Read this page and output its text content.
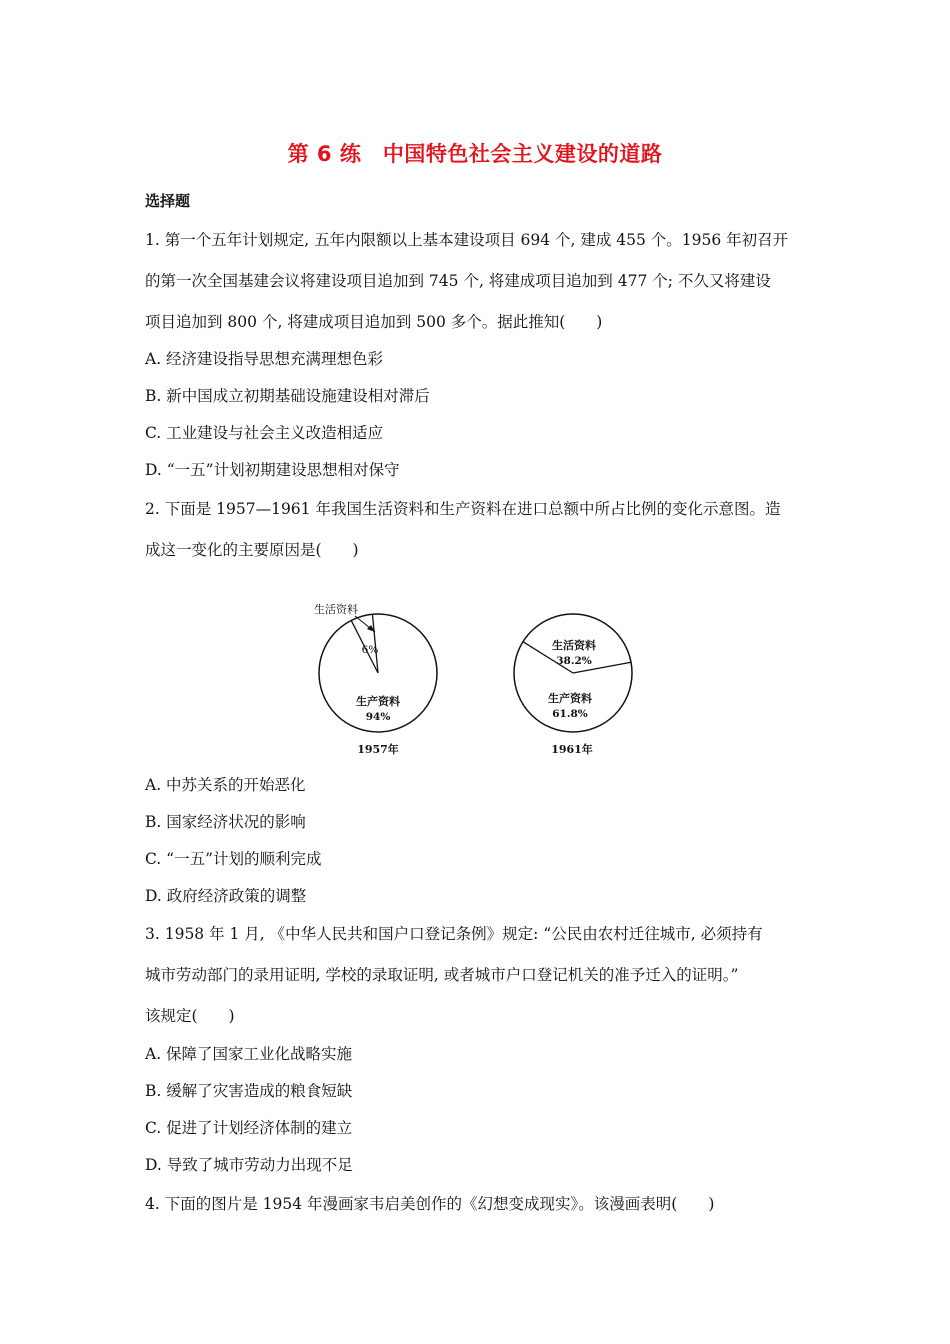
第 6 练　中国特色社会主义建设的道路
选择题
1. 第一个五年计划规定, 五年内限额以上基本建设项目 694 个, 建成 455 个。1956 年初召开
的第一次全国基建会议将建设项目追加到 745 个, 将建成项目追加到 477 个; 不久又将建设
项目追加到 800 个, 将建成项目追加到 500 多个。据此推知(　　)
A. 经济建设指导思想充满理想色彩
B. 新中国成立初期基础设施建设相对滞后
C. 工业建设与社会主义改造相适应
D. “一五”计划初期建设思想相对保守
2. 下面是 1957—1961 年我国生活资料和生产资料在进口总额中所占比例的变化示意图。造
成这一变化的主要原因是(　　)
生活资料
6%
生产资料
94%
1957年
生活资料
38.2%
生产资料
61.8%
1961年
A. 中苏关系的开始恶化
B. 国家经济状况的影响
C. “一五”计划的顺利完成
D. 政府经济政策的调整
3. 1958 年 1 月, 《中华人民共和国户口登记条例》规定: “公民由农村迁往城市, 必须持有
城市劳动部门的录用证明, 学校的录取证明, 或者城市户口登记机关的准予迁入的证明。”
该规定(　　)
A. 保障了国家工业化战略实施
B. 缓解了灾害造成的粮食短缺
C. 促进了计划经济体制的建立
D. 导致了城市劳动力出现不足
4. 下面的图片是 1954 年漫画家韦启美创作的《幻想变成现实》。该漫画表明(　　)
